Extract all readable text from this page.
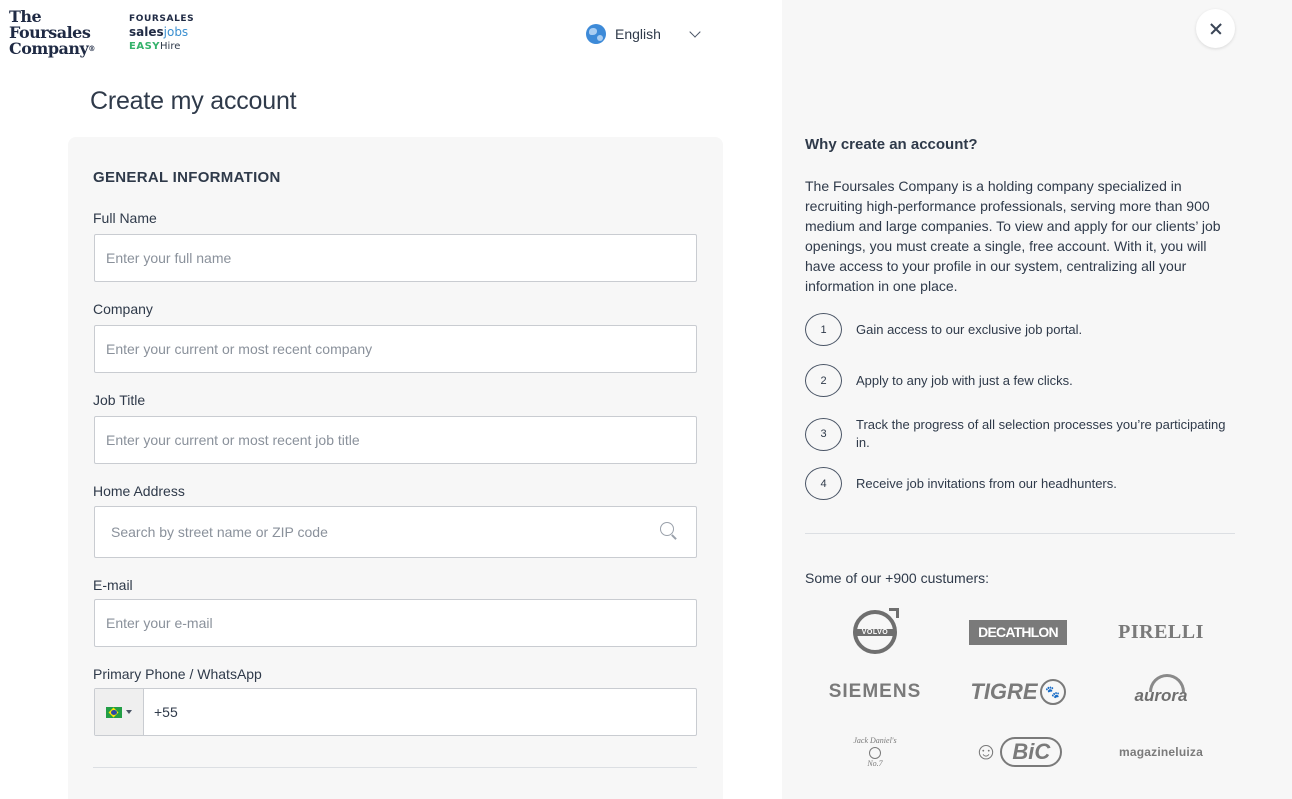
The
Foursales
Company®
FOURSALES
salesjobs
EASYHire
English
Create my account
GENERAL INFORMATION
Full Name
Enter your full name
Company
Enter your current or most recent company
Job Title
Enter your current or most recent job title
Home Address
Search by street name or ZIP code
E-mail
Enter your e-mail
Primary Phone / WhatsApp
+55
Why create an account?

The Foursales Company is a holding company specialized in recruiting high-performance professionals, serving more than 900 medium and large companies. To view and apply for our clients’ job openings, you must create a single, free account. With it, you will have access to your profile in our system, centralizing all your information in one place.

1	Gain access to our exclusive job portal.
2	Apply to any job with just a few clicks.
3
Track the progress of all selection processes you’re participating in.
4	Receive job invitations from our headhunters.
Some of our +900 custumers:
VOLVO	DECATHLON	PIRELLI
SIEMENS TIGRE 🐾	aurora
Jack Daniel's
No.7	☺ BiC	magazineluiza
